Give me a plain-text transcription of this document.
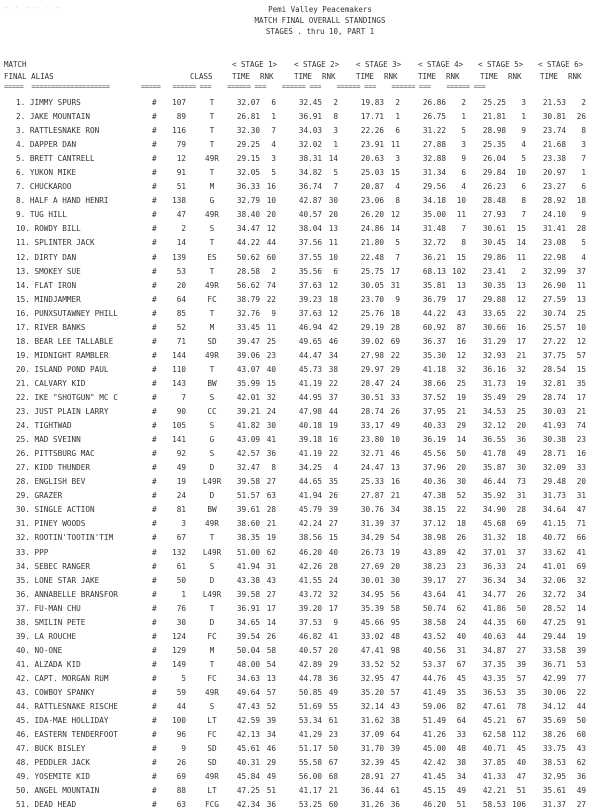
- - - - - -	Pemi Valley Peacemakers
MATCH FINAL OVERALL STANDINGS
STAGES . thru 10, PART 1
MATCH	< STAGE 1> < STAGE 2> < STAGE 3> < STAGE 4> < STAGE 5> < STAGE 6>
FINAL ALIAS	CLASS	TIME RNK	TIME RNK	TIME RNK	TIME RNK	TIME RNK TIME RNK
=====  ====================        =====   ====== ===    ====== ===    ====== ===    ====== ===    ====== ===    ====== ===
1. JIMMY SPURS	#	107	T	32.07	6	32.45	2	19.83	2	26.86	2	25.25	3	21.53	2
2. JAKE MOUNTAIN	#	89	T	26.81	1	36.91	8	17.71	1	26.75	1	21.81	1	30.81	26
3. RATTLESNAKE RON	#	116	T	32.30	7	34.03	3	22.26	6	31.22	5	28.98	9	23.74	8
4. DAPPER DAN	#	79	T	29.25	4	32.02	1	23.91 11	27.88	3	25.35	4	21.68	3
5. BRETT CANTRELL	#	12	49R	29.15	3	38.31 14	20.63	3	32.88	9	26.04	5	23.38	7
6. YUKON MIKE	#	91	T	32.05	5	34.82	5	25.03 15	31.34	6	29.84	10	20.97	1
7. CHUCKAROO	#	51	M	36.33 16	36.74	7	20.87	4	29.56	4	26.23	6	23.27	6
8. HALF A HAND HENRI	#	138	G	32.79 10	42.87 30	23.06	8	34.18	10	28.48	8	28.92	18
9. TUG HILL	#	47	49R	38.40 20	40.57 20	26.20 12	35.00	11	27.93	7	24.10	9
10. ROWDY BILL	#	2	S	34.47 12	38.04 13	24.86 14	31.48	7	30.61	15	31.41	28
11. SPLINTER JACK	#	14	T	44.22 44	37.56 11	21.80	5	32.72	8	30.45	14	23.08	5
12. DIRTY DAN	#	139	ES	50.62 60	37.55 10	22.48	7	36.21	15	29.86	11	22.98	4
13. SMOKEY SUE	#	53	T	28.58	2	35.56	6	25.75 17	68.13 102	23.41	2	32.99	37
14. FLAT IRON	#	20	49R	56.62 74	37.63 12	30.05 31	35.81	13	30.35	13	26.90	11
15. MINDJAMMER	#	64	FC	38.79 22	39.23 18	23.70	9	36.79	17	29.88	12	27.59	13
16. PUNXSUTAWNEY PHILL	#	85	T	32.76	9	37.63 12	25.76 18	44.22	43	33.65	22	30.74	25
17. RIVER BANKS	#	52	M	33.45 11	46.94 42	29.19 28	60.92	87	30.66	16	25.57	10
18. BEAR LEE TALLABLE	#	71	SD	39.47 25	49.65 46	39.02 69	36.37	16	31.29	17	27.22	12
19. MIDNIGHT RAMBLER	#	144	49R	39.06 23	44.47 34	27.98 22	35.30	12	32.93	21	37.75	57
20. ISLAND POND PAUL	#	110	T	43.07 40	45.73 38	29.97 29	41.18	32	36.16	32	28.54	15
21. CALVARY KID	#	143	BW	35.99 15	41.19 22	28.47 24	38.66	25	31.73	19	32.81	35
22. IKE "SHOTGUN" MC C	#	7	S	42.01 32	44.95 37	30.51 33	37.52	19	35.49	29	28.74	17
23. JUST PLAIN LARRY	#	90	CC	39.21 24	47.98 44	28.74 26	37.95	21	34.53	25	30.03	21
24. TIGHTWAD	#	105	S	41.82 30	40.18 19	33.17 49	40.33	29	32.12	20	41.93	74
25. MAD SVEINN	#	141	G	43.09 41	39.18 16	23.80 10	36.19	14	36.55	36	30.38	23
26. PITTSBURG MAC	#	92	S	42.57 36	41.19 22	32.71 46	45.56	50	41.78	49	28.71	16
27. KIDD THUNDER	#	49	D	32.47	8	34.25	4	24.47 13	37.96	20	35.87	30	32.09	33
28. ENGLISH BEV	#	19	L49R	39.58 27	44.65 35	25.33 16	40.36	30	46.44	73	29.48	20
29. GRAZER	#	24	D	51.57 63	41.94 26	27.87 21	47.38	52	35.92	31	31.73	31
30. SINGLE ACTION	#	81	BW	39.61 28	45.79 39	30.76 34	38.15	22	34.90	28	34.64	47
31. PINEY WOODS	#	3	49R	38.60 21	42.24 27	31.39 37	37.12	18	45.68	69	41.15	71
32. ROOTIN'TOOTIN'TIM	#	67	T	38.35 19	38.56 15	34.29 54	38.98	26	31.32	18	40.72	66
33. PPP	#	132	L49R	51.00 62	46.20 40	26.73 19	43.89	42	37.01	37	33.62	41
34. SEBEC RANGER	#	61	S	41.94 31	42.26 28	27.69 20	38.23	23	36.33	24	41.01	69
35. LONE STAR JAKE	#	50	D	43.38 43	41.55 24	30.01 30	39.17	27	36.34	34	32.06	32
36. ANNABELLE BRANSFOR	#	1	L49R	39.58 27	43.72 32	34.95 56	43.64	41	34.77	26	32.72	34
37. FU-MAN CHU	#	76	T	36.91 17	39.20 17	35.39 58	50.74	62	41.86	50	28.52	14
38. SMILIN PETE	#	30	D	34.65 14	37.53	9	45.66 95	38.58	24	44.35	60	47.25	91
39. LA ROUCHE	#	124	FC	39.54 26	46.82 41	33.02 48	43.52	40	40.63	44	29.44	19
40. NO-ONE	#	129	M	50.04 58	40.57 20	47.41 98	40.56	31	34.87	27	33.58	39
41. ALZADA KID	#	149	T	48.00 54	42.89 29	33.52 52	53.37	67	37.35	39	36.71	53
42. CAPT. MORGAN RUM	#	5	FC	34.63 13	44.78 36	32.95 47	44.76	45	43.35	57	42.99	77
43. COWBOY SPANKY	#	59	49R	49.64 57	50.85 49	35.20 57	41.49	35	36.53	35	30.06	22
44. RATTLESNAKE RISCHE	#	44	S	47.43 52	51.69 55	32.14 43	59.06	82	47.61	78	34.12	44
45. IDA-MAE HOLLIDAY	#	100	LT	42.59 39	53.34 61	31.62 38	51.49	64	45.21	67	35.69	50
46. EASTERN TENDERFOOT	#	96	FC	42.13 34	41.29 23	37.09 64	41.26	33	62.58 112	38.26	60
47. BUCK BISLEY	#	9	SD	45.61 46	51.17 50	31.70 39	45.00	48	40.71	45	33.75	43
48. PEDDLER JACK	#	26	SD	40.31 29	55.58 67	32.39 45	42.42	38	37.85	40	38.53	62
49. YOSEMITE KID	#	69	49R	45.84 49	56.00 68	28.91 27	41.45	34	41.33	47	32.95	36
50. ANGEL MOUNTAIN	#	88	LT	47.25 51	41.17 21	36.44 61	45.15	49	42.21	51	35.61	49
51. DEAD HEAD	#	63	FCG	42.34 36	53.25 60	31.26 36	46.20	51	58.53 106	31.37	27
